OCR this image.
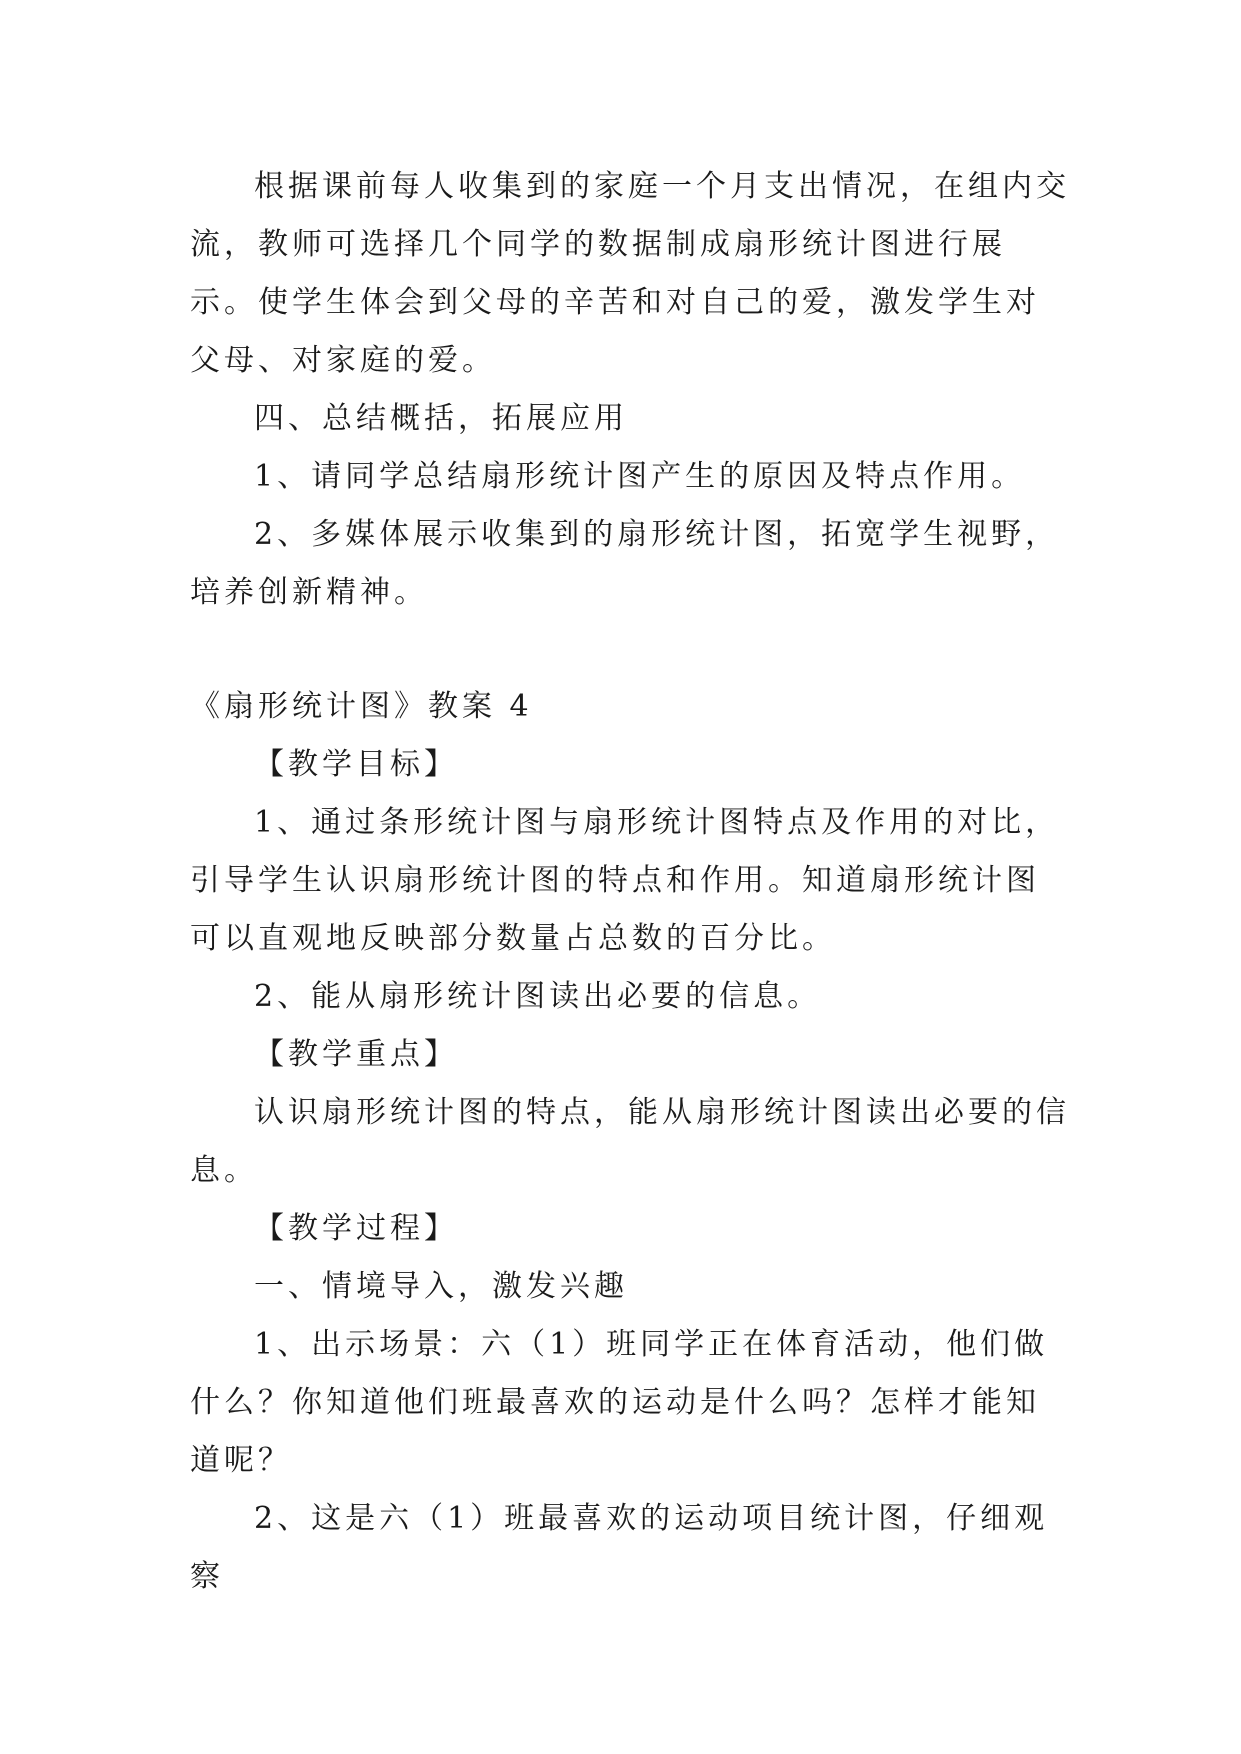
根据课前每人收集到的家庭一个月支出情况，在组内交流，教师可选择几个同学的数据制成扇形统计图进行展示。使学生体会到父母的辛苦和对自己的爱，激发学生对父母、对家庭的爱。

四、总结概括，拓展应用

1、请同学总结扇形统计图产生的原因及特点作用。

2、多媒体展示收集到的扇形统计图，拓宽学生视野，培养创新精神。

《扇形统计图》教案 4

【教学目标】

1、通过条形统计图与扇形统计图特点及作用的对比，引导学生认识扇形统计图的特点和作用。知道扇形统计图可以直观地反映部分数量占总数的百分比。

2、能从扇形统计图读出必要的信息。

【教学重点】

认识扇形统计图的特点，能从扇形统计图读出必要的信息。

【教学过程】

一、情境导入，激发兴趣

1、出示场景：六（1）班同学正在体育活动，他们做什么？你知道他们班最喜欢的运动是什么吗？怎样才能知道呢？

2、这是六（1）班最喜欢的运动项目统计图，仔细观察
